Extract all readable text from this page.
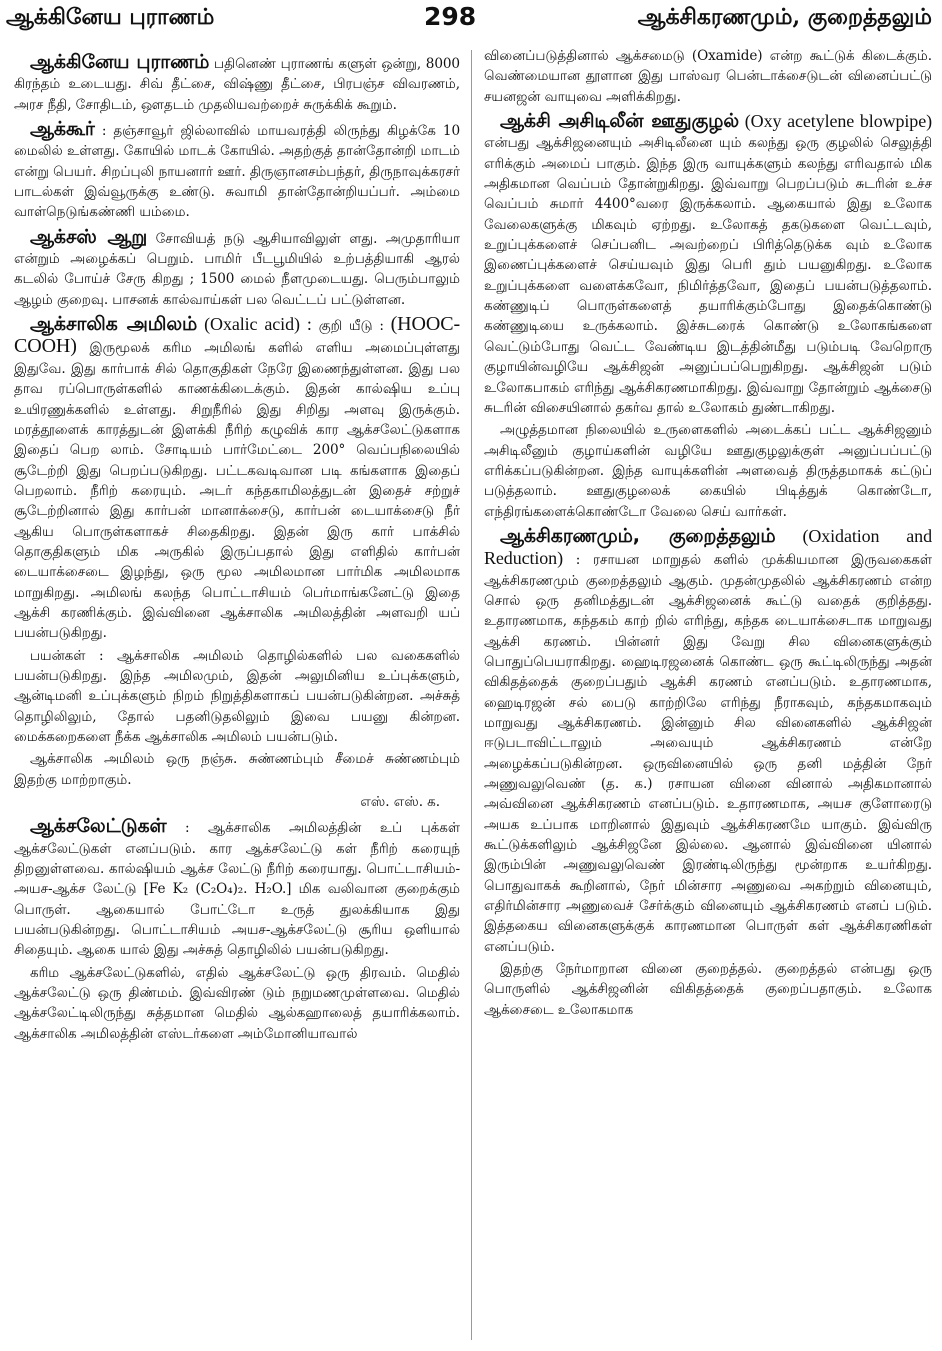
ஆக்கினேய புராணம்	298	ஆக்சிகரணமும், குறைத்தலும்

ஆக்கினேய புராணம் பதினெண் புராணங் களுள் ஒன்று, 8000 கிரந்தம் உடையது. சிவ் தீட்சை, விஷ்ணு தீட்சை, பிரபஞ்ச விவரணம், அரச நீதி, சோதிடம், ஔதடம் முதலியவற்றைச் சுருக்கிக் கூறும்.

ஆக்கூர் : தஞ்சாவூர் ஜில்லாவில் மாயவரத்தி லிருந்து கிழக்கே 10 மைலில் உள்ளது. கோயில் மாடக் கோயில். அதற்குத் தான்தோன்றி மாடம் என்று பெயர். சிறப்புலி நாயனார் ஊர். திருஞானசம்பந்தர், திருநாவுக்கரசர் பாடல்கள் இவ்வூருக்கு உண்டு. சுவாமி தான்தோன்றியப்பர். அம்மை வாள்நெடுங்கண்ணி யம்மை.

ஆக்சஸ் ஆறு சோவியத் நடு ஆசியாவிலுள் ளது. அமுதாரியா என்றும் அழைக்கப் பெறும். பாமிர் பீடபூமியில் உற்பத்தியாகி ஆரல் கடலில் போய்ச் சேரு கிறது ; 1500 மைல் நீளமுடையது. பெரும்பாலும் ஆழம் குறைவு. பாசனக் கால்வாய்கள் பல வெட்டப் பட்டுள்ளன.

ஆக்சாலிக அமிலம் (Oxalic acid) : குறி யீடு : (HOOC-COOH) இருமூலக் கரிம அமிலங் களில் எளிய அமைப்புள்ளது இதுவே. இது கார்பாக் சில் தொகுதிகள் நேரே இணைந்துள்ளன. இது பல தாவ ரப்பொருள்களில் காணக்கிடைக்கும். இதன் கால்ஷிய உப்பு உயிரணுக்களில் உள்ளது. சிறுநீரில் இது சிறிது அளவு இருக்கும். மரத்தூளைக் காரத்துடன் இளக்கி நீரிற் கழுவிக் கார ஆக்சலேட்டுகளாக இதைப் பெற லாம். சோடியம் பார்மேட்டை 200° வெப்பநிலையில் சூடேற்றி இது பெறப்படுகிறது. பட்டகவடிவான படி கங்களாக இதைப் பெறலாம். நீரிற் கரையும். அடர் கந்தகாமிலத்துடன் இதைச் சற்றுச் சூடேற்றினால் இது கார்பன் மானாக்சைடு, கார்பன் டையாக்சைடு நீர் ஆகிய பொருள்களாகச் சிதைகிறது. இதன் இரு கார் பாக்சில் தொகுதிகளும் மிக அருகில் இருப்பதால் இது எளிதில் கார்பன் டையாக்சைடை இழந்து, ஒரு மூல அமிலமான பார்மிக அமிலமாக மாறுகிறது. அமிலங் கலந்த பொட்டாசியம் பெர்மாங்கனேட்டு இதை ஆக்சி கரணிக்கும். இவ்வினை ஆக்சாலிக அமிலத்தின் அளவறி யப் பயன்படுகிறது.

பயன்கள் : ஆக்சாலிக அமிலம் தொழில்களில் பல வகைகளில் பயன்படுகிறது. இந்த அமிலமும், இதன் அலுமினிய உப்புக்களும், ஆன்டிமனி உப்புக்களும் நிறம் நிறுத்திகளாகப் பயன்படுகின்றன. அச்சுத் தொழிலிலும், தோல் பதனிடுதலிலும் இவை பயனு கின்றன. மைக்கறைகளை நீக்க ஆக்சாலிக அமிலம் பயன்படும்.

ஆக்சாலிக அமிலம் ஒரு நஞ்சு. சுண்ணம்பும் சீமைச் சுண்ணம்பும் இதற்கு மாற்றாகும்.

எஸ். எஸ். க.

ஆக்சலேட்டுகள் : ஆக்சாலிக அமிலத்தின் உப் புக்கள் ஆக்சலேட்டுகள் எனப்படும். கார ஆக்சலேட்டு கள் நீரிற் கரையுந் திறனுள்ளவை. கால்ஷியம் ஆக்ச லேட்டு நீரிற் கரையாது. பொட்டாசியம்-அயச-ஆக்ச லேட்டு [Fe K₂ (C₂O₄)₂. H₂O.] மிக வலிவான குறைக்கும் பொருள். ஆகையால் போட்டோ உருத் துலக்கியாக இது பயன்படுகின்றது. பொட்டாசியம் அயச-ஆக்சலேட்டு சூரிய ஒளியால் சிதையும். ஆகை யால் இது அச்சுத் தொழிலில் பயன்படுகிறது.

கரிம ஆக்சலேட்டுகளில், எதில் ஆக்சலேட்டு ஒரு திரவம். மெதில் ஆக்சலேட்டு ஒரு திண்மம். இவ்விரண் டும் நறுமணமுள்ளவை. மெதில் ஆக்சலேட்டிலிருந்து சுத்தமான மெதில் ஆல்கஹாலைத் தயாரிக்கலாம். ஆக்சாலிக அமிலத்தின் எஸ்டர்களை அம்மோனியாவால்

வினைப்படுத்தினால் ஆக்சமைடு (Oxamide) என்ற கூட்டுக் கிடைக்கும். வெண்மையான தூளான இது பாஸ்வர பென்டாக்சைடுடன் வினைப்பட்டு சயனஜன் வாயுவை அளிக்கிறது.

ஆக்சி அசிடிலீன் ஊதுகுழல் (Oxy acetylene blowpipe) என்பது ஆக்சிஜனையும் அசிடிலீனை யும் கலந்து ஒரு குழலில் செலுத்தி எரிக்கும் அமைப் பாகும். இந்த இரு வாயுக்களும் கலந்து எரிவதால் மிக அதிகமான வெப்பம் தோன்றுகிறது. இவ்வாறு பெறப்படும் சுடரின் உச்ச வெப்பம் சுமார் 4400°வரை இருக்கலாம். ஆகையால் இது உலோக வேலைகளுக்கு மிகவும் ஏற்றது. உலோகத் தகடுகளை வெட்டவும், உறுப்புக்களைச் செப்பனிட அவற்றைப் பிரித்தெடுக்க வும் உலோக இணைப்புக்களைச் செய்யவும் இது பெரி தும் பயனுகிறது. உலோக உறுப்புக்களை வளைக்கவோ, நிமிர்த்தவோ, இதைப் பயன்படுத்தலாம். கண்ணுடிப் பொருள்களைத் தயாரிக்கும்போது இதைக்கொண்டு கண்ணுடியை உருக்கலாம். இச்சுடரைக் கொண்டு உலோகங்களை வெட்டும்போது வெட்ட வேண்டிய இடத்தின்மீது படும்படி வேறொரு குழாயின்வழியே ஆக்சிஜன் அனுப்பப்பெறுகிறது. ஆக்சிஜன் படும் உலோகபாகம் எரிந்து ஆக்சிகரணமாகிறது. இவ்வாறு தோன்றும் ஆக்சைடு சுடரின் விசையினால் தகர்வ தால் உலோகம் துண்டாகிறது.

அழுத்தமான நிலையில் உருளைகளில் அடைக்கப் பட்ட ஆக்சிஜனும் அசிடிலீனும் குழாய்களின் வழியே ஊதுகுழலுக்குள் அனுப்பப்பட்டு எரிக்கப்படுகின்றன. இந்த வாயுக்களின் அளவைத் திருத்தமாகக் கட்டுப் படுத்தலாம். ஊதுகுழலைக் கையில் பிடித்துக் கொண்டோ, எந்திரங்களைக்கொண்டோ வேலை செய் வார்கள்.

ஆக்சிகரணமும், குறைத்தலும் (Oxidation and Reduction) : ரசாயன மாறுதல் களில் முக்கியமான இருவகைகள் ஆக்சிகரணமும் குறைத்தலும் ஆகும். முதன்முதலில் ஆக்சிகரணம் என்ற சொல் ஒரு தனிமத்துடன் ஆக்சிஜனைக் கூட்டு வதைக் குறித்தது. உதாரணமாக, கந்தகம் காற் றில் எரிந்து, கந்தக டையாக்சைடாக மாறுவது ஆக்சி கரணம். பின்னர் இது வேறு சில வினைகளுக்கும் பொதுப்பெயராகிறது. ஹைடிரஜனைக் கொண்ட ஒரு கூட்டிலிருந்து அதன் விகிதத்தைக் குறைப்பதும் ஆக்சி கரணம் எனப்படும். உதாரணமாக, ஹைடிரஜன் சல் பைடு காற்றிலே எரிந்து நீராகவும், கந்தகமாகவும் மாறுவது ஆக்சிகரணம். இன்னும் சில வினைகளில் ஆக்சிஜன் ஈடுபடாவிட்டாலும் அவையும் ஆக்சிகரணம் என்றே அழைக்கப்படுகின்றன. ஒருவினையில் ஒரு தனி மத்தின் நேர் அணுவலுவெண் (த. க.) ரசாயன வினை வினால் அதிகமானால் அவ்வினை ஆக்சிகரணம் எனப்படும். உதாரணமாக, அயச குளோரைடு அயக உப்பாக மாறினால் இதுவும் ஆக்சிகரணமே யாகும். இவ்விரு கூட்டுக்களிலும் ஆக்சிஜனே இல்லை. ஆனால் இவ்வினை யினால் இரும்பின் அணுவலுவெண் இரண்டிலிருந்து மூன்றாக உயர்கிறது. பொதுவாகக் கூறினால், நேர் மின்சார அணுவை அகற்றும் வினையும், எதிர்மின்சார அணுவைச் சேர்க்கும் வினையும் ஆக்சிகரணம் எனப் படும். இத்தகைய வினைகளுக்குக் காரணமான பொருள் கள் ஆக்சிகரணிகள் எனப்படும்.

இதற்கு நேர்மாறான வினை குறைத்தல். குறைத்தல் என்பது ஒரு பொருளில் ஆக்சிஜனின் விகிதத்தைக் குறைப்பதாகும். உலோக ஆக்சைடை உலோகமாக
